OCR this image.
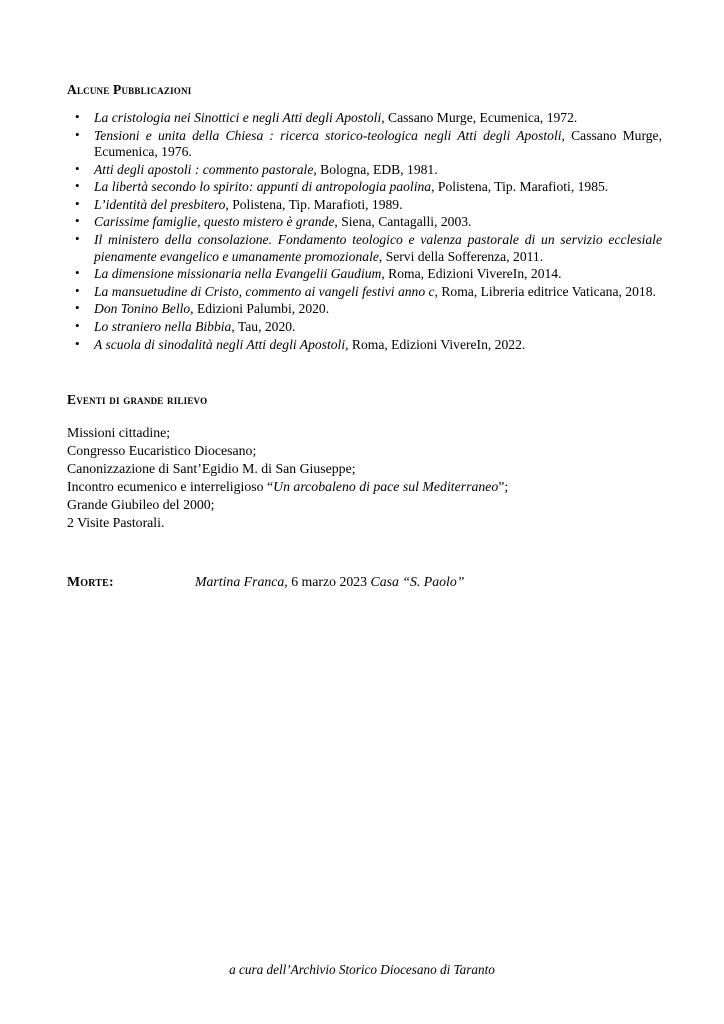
Alcune Pubblicazioni
• La cristologia nei Sinottici e negli Atti degli Apostoli, Cassano Murge, Ecumenica, 1972.
• Tensioni e unita della Chiesa : ricerca storico-teologica negli Atti degli Apostoli, Cassano Murge, Ecumenica, 1976.
• Atti degli apostoli : commento pastorale, Bologna, EDB, 1981.
• La libertà secondo lo spirito: appunti di antropologia paolina, Polistena, Tip. Marafioti, 1985.
• L’identità del presbitero, Polistena, Tip. Marafioti, 1989.
• Carissime famiglie, questo mistero è grande, Siena, Cantagalli, 2003.
• Il ministero della consolazione. Fondamento teologico e valenza pastorale di un servizio ecclesiale pienamente evangelico e umanamente promozionale, Servi della Sofferenza, 2011.
• La dimensione missionaria nella Evangelii Gaudium, Roma, Edizioni VivereIn, 2014.
• La mansuetudine di Cristo, commento ai vangeli festivi anno c, Roma, Libreria editrice Vaticana, 2018.
• Don Tonino Bello, Edizioni Palumbi, 2020.
• Lo straniero nella Bibbia, Tau, 2020.
• A scuola di sinodalità negli Atti degli Apostoli, Roma, Edizioni VivereIn, 2022.
Eventi di grande rilievo
Missioni cittadine;
Congresso Eucaristico Diocesano;
Canonizzazione di Sant’Egidio M. di San Giuseppe;
Incontro ecumenico e interreligioso “Un arcobaleno di pace sul Mediterraneo”;
Grande Giubileo del 2000;
2 Visite Pastorali.
Morte:	Martina Franca, 6 marzo 2023 Casa “S. Paolo”
a cura dell’Archivio Storico Diocesano di Taranto
